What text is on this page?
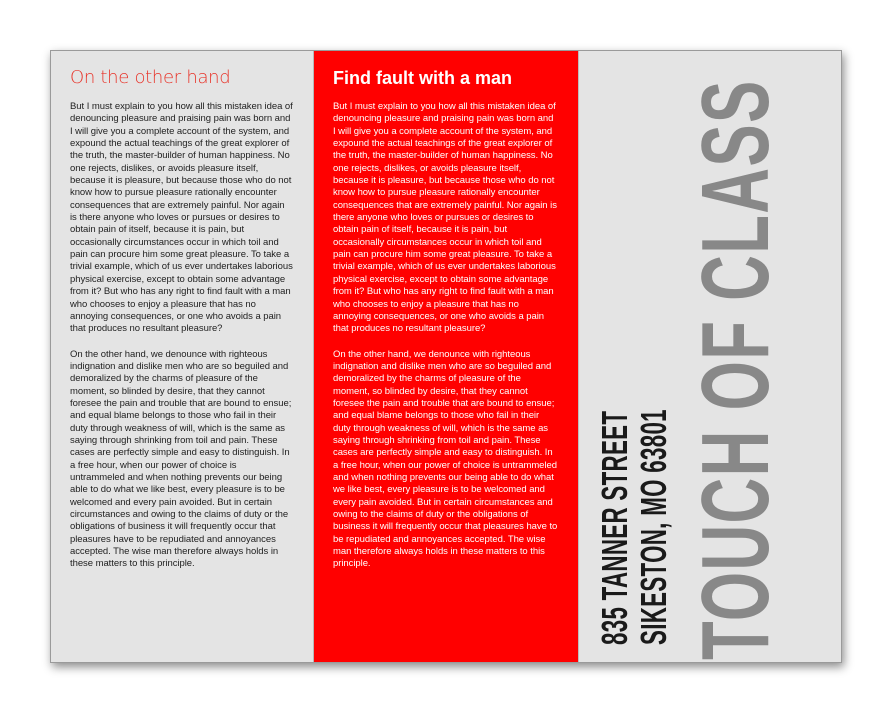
On the other hand

But I must explain to you how all this mistaken idea of denouncing pleasure and praising pain was born and I will give you a complete account of the system, and expound the actual teachings of the great explorer of the truth, the master-builder of human happiness. No one rejects, dislikes, or avoids pleasure itself, because it is pleasure, but because those who do not know how to pursue pleasure rationally encounter consequences that are extremely painful. Nor again is there anyone who loves or pursues or desires to obtain pain of itself, because it is pain, but occasionally circumstances occur in which toil and pain can procure him some great pleasure. To take a trivial example, which of us ever undertakes laborious physical exercise, except to obtain some advantage from it? But who has any right to find fault with a man who chooses to enjoy a pleasure that has no annoying consequences, or one who avoids a pain that produces no resultant pleasure?

On the other hand, we denounce with righteous indignation and dislike men who are so beguiled and demoralized by the charms of pleasure of the moment, so blinded by desire, that they cannot foresee the pain and trouble that are bound to ensue; and equal blame belongs to those who fail in their duty through weakness of will, which is the same as saying through shrinking from toil and pain. These cases are perfectly simple and easy to distinguish. In a free hour, when our power of choice is untrammeled and when nothing prevents our being able to do what we like best, every pleasure is to be welcomed and every pain avoided. But in certain circumstances and owing to the claims of duty or the obligations of business it will frequently occur that pleasures have to be repudiated and annoyances accepted. The wise man therefore always holds in these matters to this principle.

Find fault with a man

But I must explain to you how all this mistaken idea of denouncing pleasure and praising pain was born and I will give you a complete account of the system, and expound the actual teachings of the great explorer of the truth, the master-builder of human happiness. No one rejects, dislikes, or avoids pleasure itself, because it is pleasure, but because those who do not know how to pursue pleasure rationally encounter consequences that are extremely painful. Nor again is there anyone who loves or pursues or desires to obtain pain of itself, because it is pain, but occasionally circumstances occur in which toil and pain can procure him some great pleasure. To take a trivial example, which of us ever undertakes laborious physical exercise, except to obtain some advantage from it? But who has any right to find fault with a man who chooses to enjoy a pleasure that has no annoying consequences, or one who avoids a pain that produces no resultant pleasure?

On the other hand, we denounce with righteous indignation and dislike men who are so beguiled and demoralized by the charms of pleasure of the moment, so blinded by desire, that they cannot foresee the pain and trouble that are bound to ensue; and equal blame belongs to those who fail in their duty through weakness of will, which is the same as saying through shrinking from toil and pain. These cases are perfectly simple and easy to distinguish. In a free hour, when our power of choice is untrammeled and when nothing prevents our being able to do what we like best, every pleasure is to be welcomed and every pain avoided. But in certain circumstances and owing to the claims of duty or the obligations of business it will frequently occur that pleasures have to be repudiated and annoyances accepted. The wise man therefore always holds in these matters to this principle.	TOUCH OF CLASS
835 TANNER STREET
SIKESTON, MO 63801
